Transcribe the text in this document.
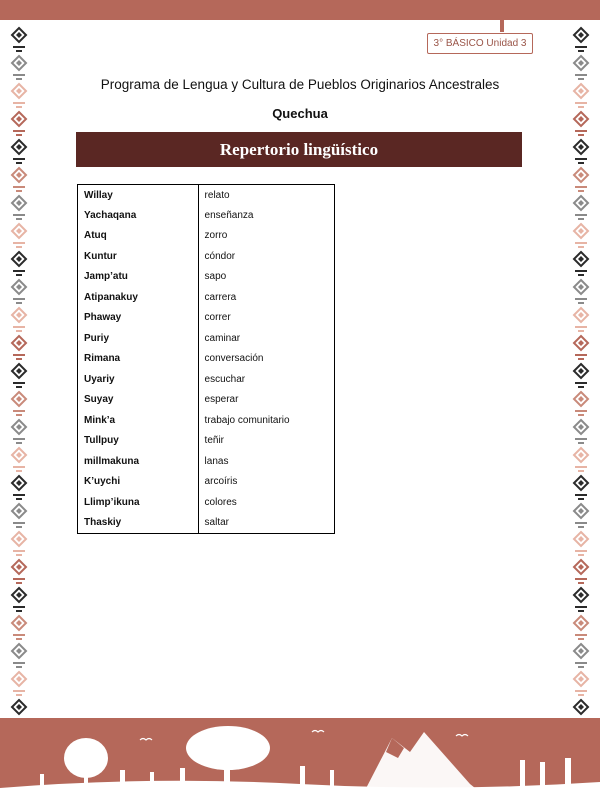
3° BÁSICO Unidad 3
Programa de Lengua y Cultura de Pueblos Originarios Ancestrales
Quechua
Repertorio lingüístico
Willay	relato
Yachaqana	enseñanza
Atuq	zorro
Kuntur	cóndor
Jamp’atu	sapo
Atipanakuy	carrera
Phaway	correr
Puriy	caminar
Rimana	conversación
Uyariy	escuchar
Suyay	esperar
Mink’a	trabajo comunitario
Tullpuy	teñir
millmakuna	lanas
K’uychi	arcoíris
Llimp’ikuna	colores
Thaskiy	saltar
